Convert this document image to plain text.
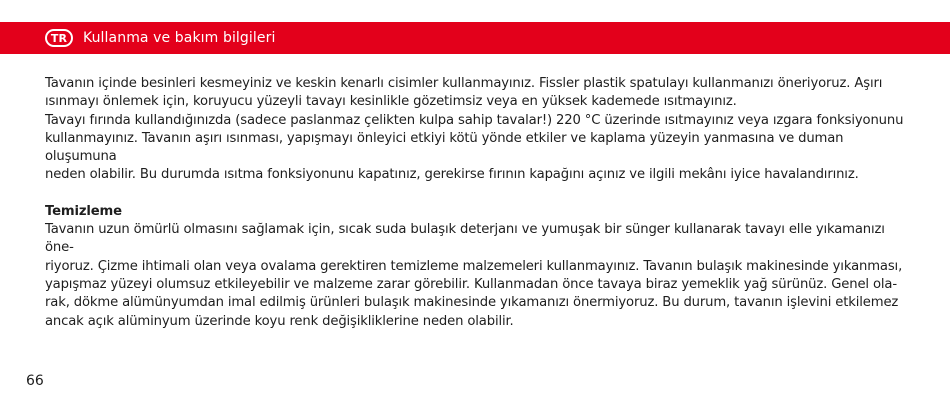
TR	Kullanma ve bakım bilgileri

Tavanın içinde besinleri kesmeyiniz ve keskin kenarlı cisimler kullanmayınız. Fissler plastik spatulayı kullanmanızı öneriyoruz. Aşırı

ısınmayı önlemek için, koruyucu yüzeyli tavayı kesinlikle gözetimsiz veya en yüksek kademede ısıtmayınız.

Tavayı fırında kullandığınızda (sadece paslanmaz çelikten kulpa sahip tavalar!) 220 °C üzerinde ısıtmayınız veya ızgara fonksiyonunu

kullanmayınız. Tavanın aşırı ısınması, yapışmayı önleyici etkiyi kötü yönde etkiler ve kaplama yüzeyin yanmasına ve duman oluşumuna

neden olabilir. Bu durumda ısıtma fonksiyonunu kapatınız, gerekirse fırının kapağını açınız ve ilgili mekânı iyice havalandırınız.

Temizleme

Tavanın uzun ömürlü olmasını sağlamak için, sıcak suda bulaşık deterjanı ve yumuşak bir sünger kullanarak tavayı elle yıkamanızı öne-

riyoruz. Çizme ihtimali olan veya ovalama gerektiren temizleme malzemeleri kullanmayınız. Tavanın bulaşık makinesinde yıkanması,

yapışmaz yüzeyi olumsuz etkileyebilir ve malzeme zarar görebilir. Kullanmadan önce tavaya biraz yemeklik yağ sürünüz. Genel ola-

rak, dökme alümünyumdan imal edilmiş ürünleri bulaşık makinesinde yıkamanızı önermiyoruz. Bu durum, tavanın işlevini etkilemez

ancak açık alüminyum üzerinde koyu renk değişikliklerine neden olabilir.

66
